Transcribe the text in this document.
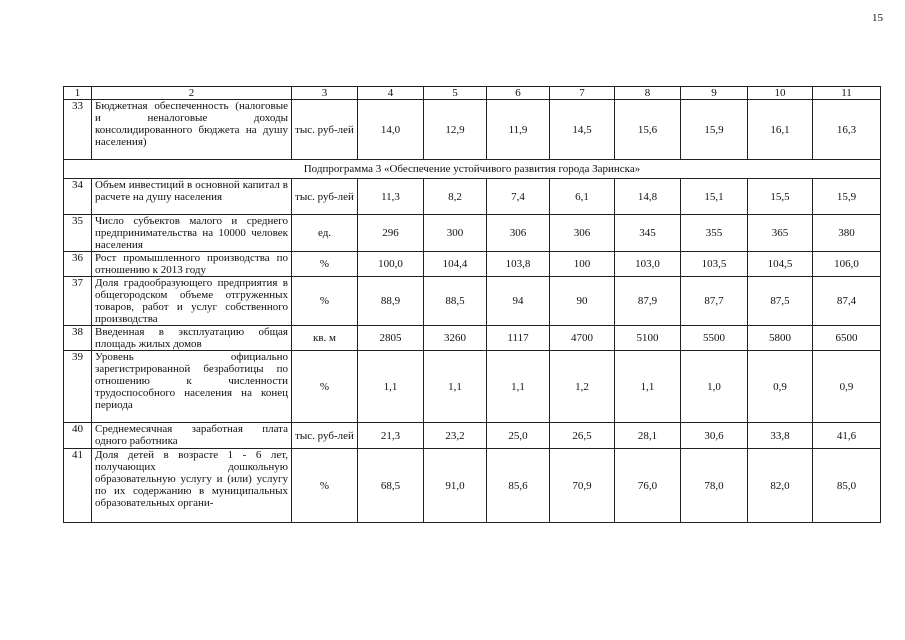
15
1	2	3	4	5	6	7	8	9	10	11
33	Бюджетная обеспеченность (налоговые и неналоговые доходы консолидированного бюджета на душу населения)	тыс. руб-лей	14,0	12,9	11,9	14,5	15,6	15,9	16,1	16,3
Подпрограмма 3 «Обеспечение устойчивого развития города Заринска»										
34	Объем инвестиций в основной капитал в расчете на душу населения	тыс. руб-лей	11,3	8,2	7,4	6,1	14,8	15,1	15,5	15,9
35	Число субъектов малого и среднего предпринимательства на 10000 человек населения	ед.	296	300	306	306	345	355	365	380
36	Рост промышленного производства по отношению к 2013 году	%	100,0	104,4	103,8	100	103,0	103,5	104,5	106,0
37	Доля градообразующего предприятия в общегородском объеме отгруженных товаров, работ и услуг собственного производства	%	88,9	88,5	94	90	87,9	87,7	87,5	87,4
38	Введенная в эксплуатацию общая площадь жилых домов	кв. м	2805	3260	1117	4700	5100	5500	5800	6500
39	Уровень официально зарегистрированной безработицы по отношению к численности трудоспособного населения на конец периода	%	1,1	1,1	1,1	1,2	1,1	1,0	0,9	0,9
40	Среднемесячная заработная плата одного работника	тыс. руб-лей	21,3	23,2	25,0	26,5	28,1	30,6	33,8	41,6
41	Доля детей в возрасте 1 - 6 лет, получающих дошкольную образовательную услугу и (или) услугу по их содержанию в муниципальных образовательных органи-	%	68,5	91,0	85,6	70,9	76,0	78,0	82,0	85,0
